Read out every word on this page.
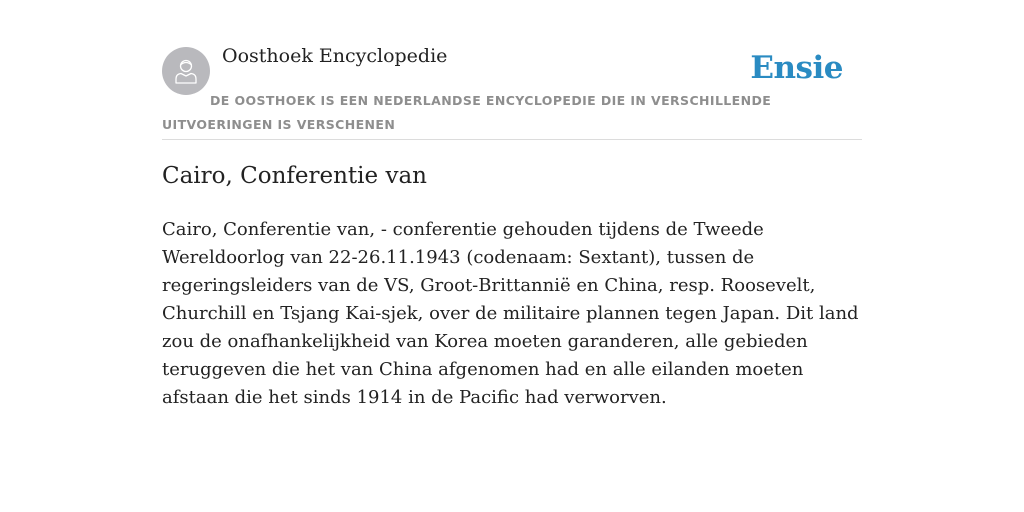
Oosthoek Encyclopedie	Ensie
DE OOSTHOEK IS EEN NEDERLANDSE ENCYCLOPEDIE DIE IN VERSCHILLENDE UITVOERINGEN IS VERSCHENEN
Cairo, Conferentie van

Cairo, Conferentie van, - conferentie gehouden tijdens de Tweede Wereldoorlog van 22-26.11.1943 (codenaam: Sextant), tussen de regeringsleiders van de VS, Groot-Brittannië en China, resp. Roosevelt, Churchill en Tsjang Kai-sjek, over de militaire plannen tegen Japan. Dit land zou de onafhankelijkheid van Korea moeten garanderen, alle gebieden teruggeven die het van China afgenomen had en alle eilanden moeten afstaan die het sinds 1914 in de Pacific had verworven.
